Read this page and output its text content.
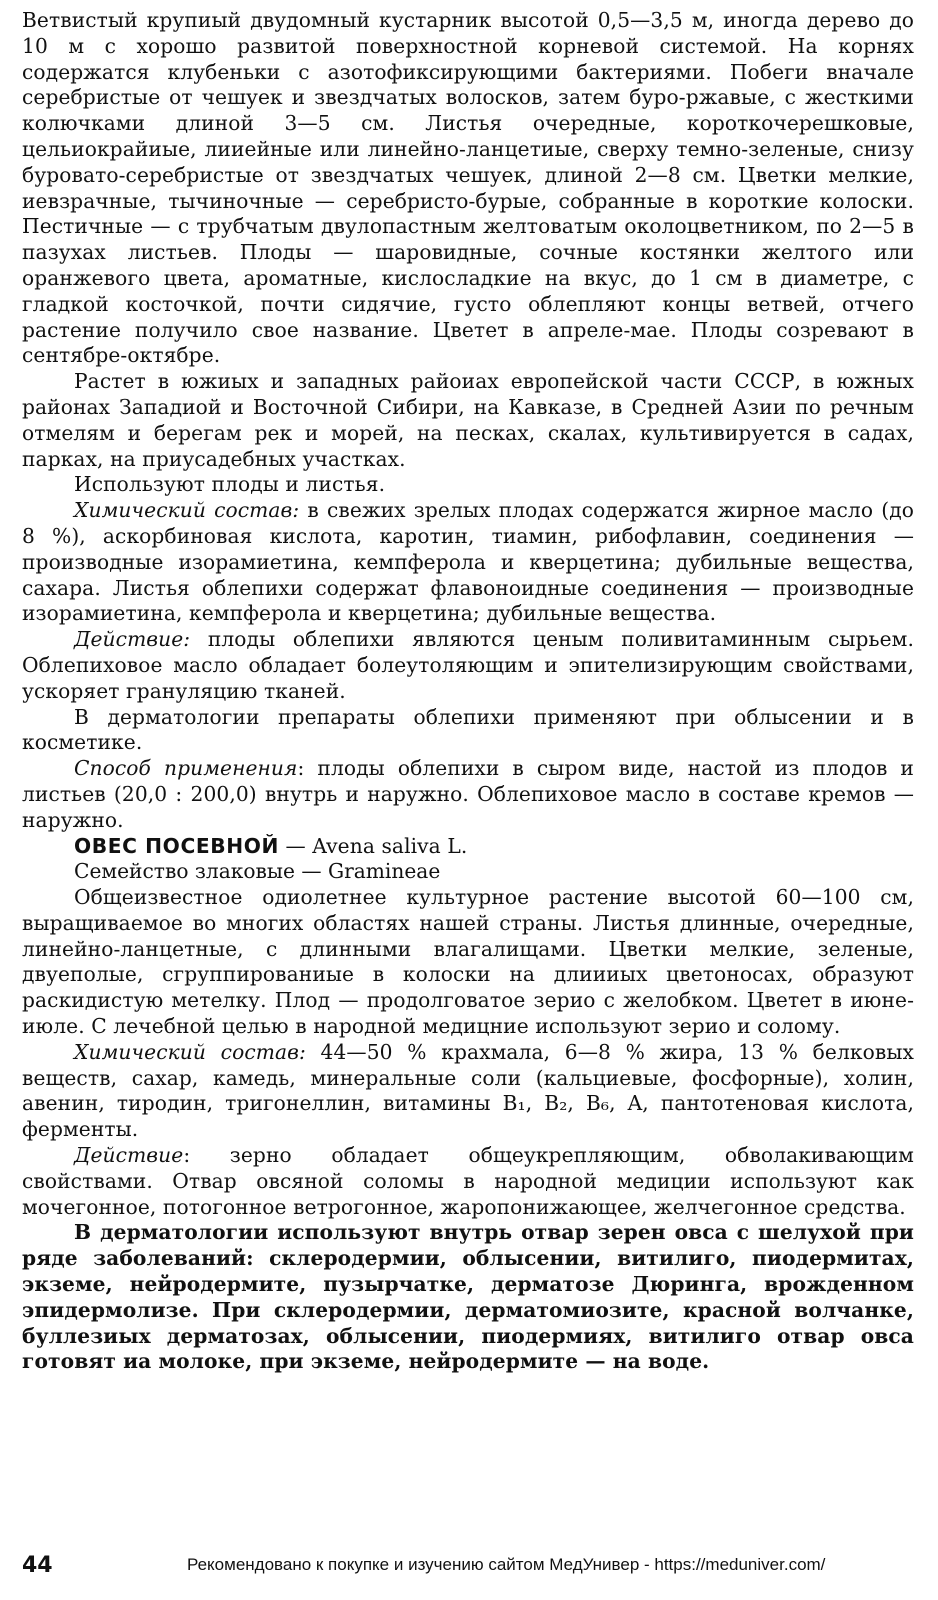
Ветвистый крупиый двудомный кустарник высотой 0,5—3,5 м, иногда дерево до 10 м с хорошо развитой поверхностной корневой системой. На корнях содержатся клубеньки с азотофиксирующими бактериями. Побеги вначале серебристые от чешуек и звездчатых волосков, затем буро-ржавые, с жесткими колючками длиной 3—5 см. Листья очередные, короткочерешковые, цельиокрайиые, лииейные или линейно-ланцетиые, сверху темно-зеленые, снизу буровато-серебристые от звездчатых чешуек, длиной 2—8 см. Цветки мелкие, иевзрачные, тычиночные — серебристо-бурые, собранные в короткие колоски. Пестичные — с трубчатым двулопастным желтоватым околоцветником, по 2—5 в пазухах листьев. Плоды — шаровидные, сочные костянки желтого или оранжевого цвета, ароматные, кислосладкие на вкус, до 1 см в диаметре, с гладкой косточкой, почти сидячие, густо облепляют концы ветвей, отчего растение получило свое название. Цветет в апреле-мае. Плоды созревают в сентябре-октябре.

Растет в южиых и западных райоиах европейской части СССР, в южных районах Западиой и Восточной Сибири, на Кавказе, в Средней Азии по речным отмелям и берегам рек и морей, на песках, скалах, культивируется в садах, парках, на приусадебных участках.

Используют плоды и листья.

Химический состав: в свежих зрелых плодах содержатся жирное масло (до 8 %), аскорбиновая кислота, каротин, тиамин, рибофлавин, соединения — производные изорамиетина, кемпферола и кверцетина; дубильные вещества, сахара. Листья облепихи содержат флавоноидные соединения — производные изорамиетина, кемпферола и кверцетина; дубильные вещества.

Действие: плоды облепихи являются ценым поливитаминным сырьем. Облепиховое масло обладает болеутоляющим и эпителизирующим свойствами, ускоряет грануляцию тканей.

В дерматологии препараты облепихи применяют при облысении и в косметике.

Способ применения: плоды облепихи в сыром виде, настой из плодов и листьев (20,0 : 200,0) внутрь и наружно. Облепиховое масло в составе кремов — наружно.

ОВЕС ПОСЕВНОЙ — Avena saliva L.

Семейство злаковые — Gramineae

Общеизвестное одиолетнее культурное растение высотой 60—100 см, выращиваемое во многих областях нашей страны. Листья длинные, очередные, линейно-ланцетные, с длинными влагалищами. Цветки мелкие, зеленые, двуеполые, сгруппированиые в колоски на длиииых цветоносах, образуют раскидистую метелку. Плод — продолговатое зерио с желобком. Цветет в июне-июле. С лечебной целью в народной медицние используют зерио и солому.

Химический состав: 44—50 % крахмала, 6—8 % жира, 13 % белковых веществ, сахар, камедь, минеральные соли (кальциевые, фосфорные), холин, авенин, тиродин, тригонеллин, витамины B₁, B₂, B₆, A, пантотеновая кислота, ферменты.

Действие: зерно обладает общеукрепляющим, обволакивающим свойствами. Отвар овсяной соломы в народной медиции используют как мочегонное, потогонное ветрогонное, жаропонижающее, желчегонное средства.

В дерматологии используют внутрь отвар зерен овса с шелухой при ряде заболеваний: склеродермии, облысении, витилиго, пиодермитах, экземе, нейродермите, пузырчатке, дерматозе Дюринга, врожденном эпидермолизе. При склеродермии, дерматомиозите, красной волчанке, буллезиых дерматозах, облысении, пиодермиях, витилиго отвар овса готовят иа молоке, при экземе, нейродермите — на воде.

44	Рекомендовано к покупке и изучению сайтом МедУнивер - https://meduniver.com/
